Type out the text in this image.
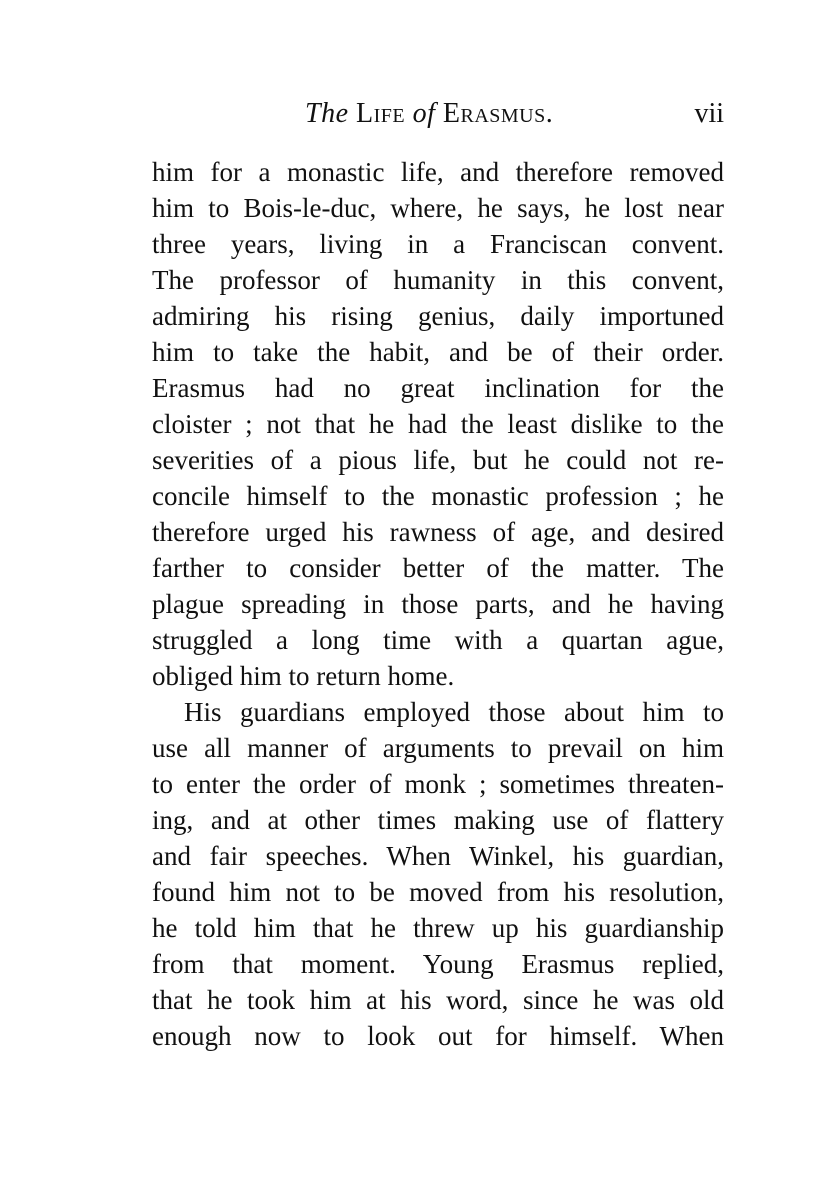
The Life of Erasmus.	vii
him for a monastic life, and therefore removed
him to Bois-le-duc, where, he says, he lost near
three years, living in a Franciscan convent.
The professor of humanity in this convent,
admiring his rising genius, daily importuned
him to take the habit, and be of their order.
Erasmus had no great inclination for the
cloister ; not that he had the least dislike to the
severities of a pious life, but he could not re-
concile himself to the monastic profession ; he
therefore urged his rawness of age, and desired
farther to consider better of the matter. The
plague spreading in those parts, and he having
struggled a long time with a quartan ague,
obliged him to return home.
His guardians employed those about him to
use all manner of arguments to prevail on him
to enter the order of monk ; sometimes threaten-
ing, and at other times making use of flattery
and fair speeches. When Winkel, his guardian,
found him not to be moved from his resolution,
he told him that he threw up his guardianship
from that moment. Young Erasmus replied,
that he took him at his word, since he was old
enough now to look out for himself. When
